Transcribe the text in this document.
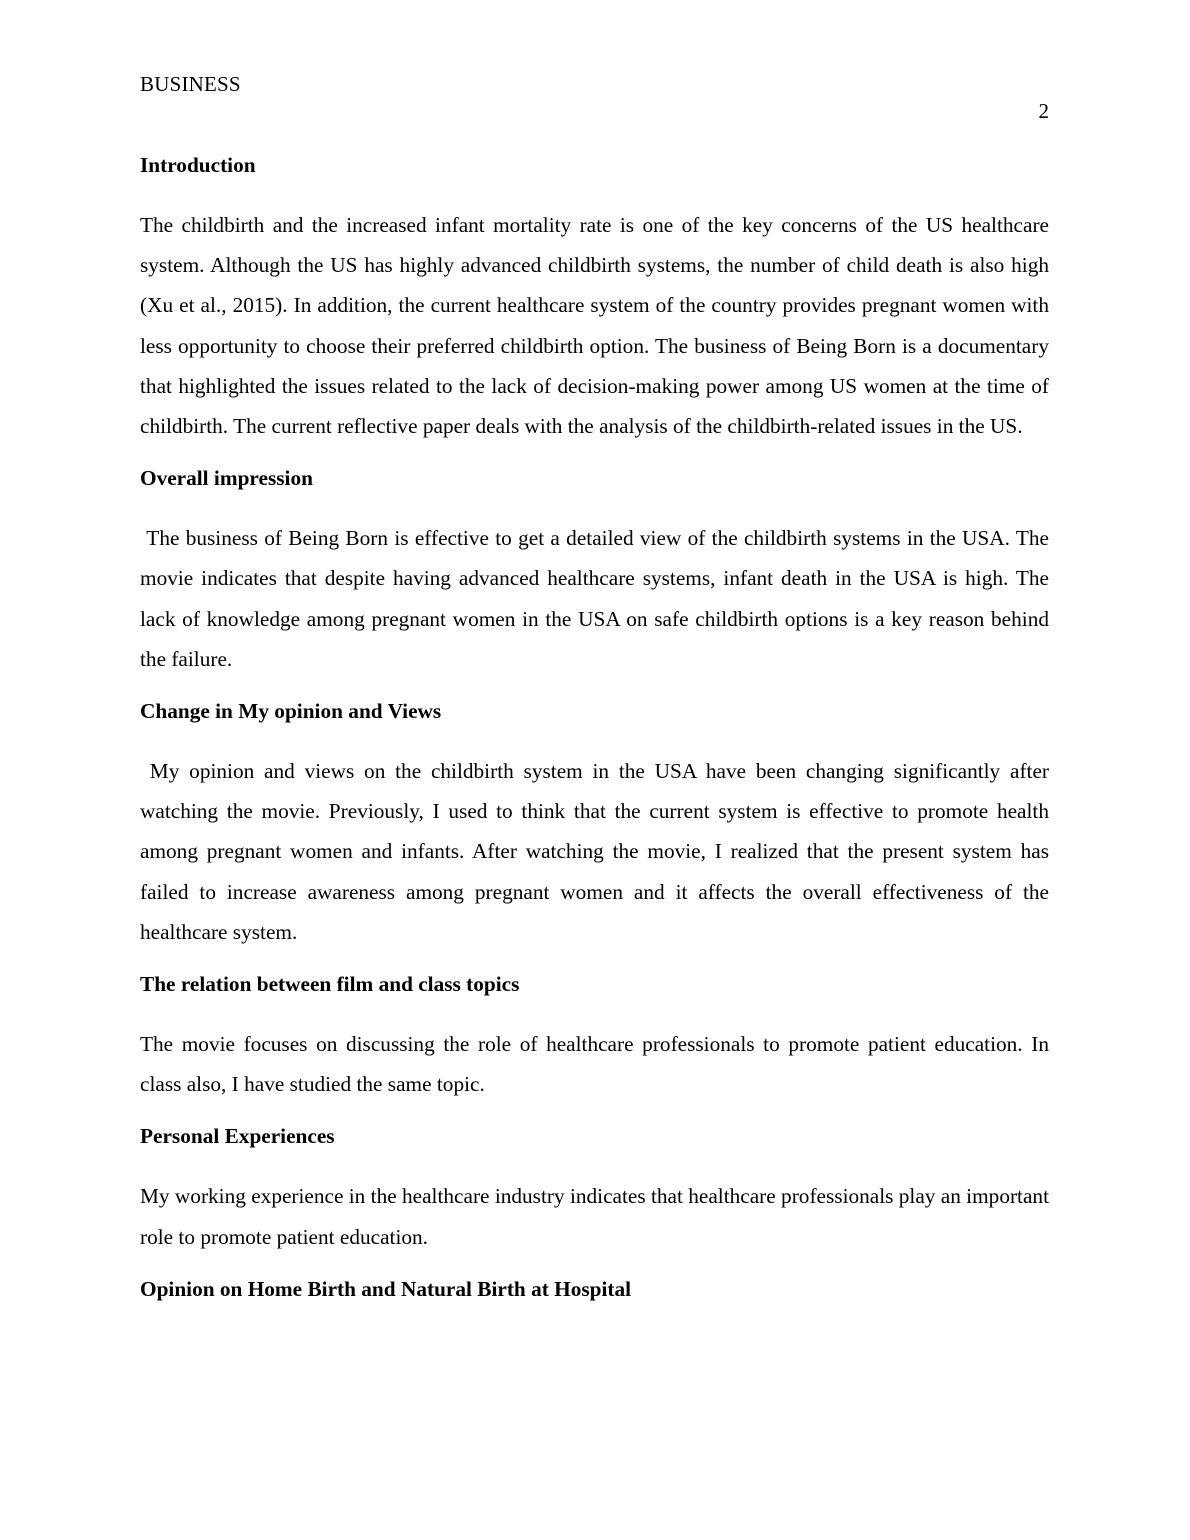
BUSINESS
2

Introduction

The childbirth and the increased infant mortality rate is one of the key concerns of the US healthcare system. Although the US has highly advanced childbirth systems, the number of child death is also high (Xu et al., 2015). In addition, the current healthcare system of the country provides pregnant women with less opportunity to choose their preferred childbirth option. The business of Being Born is a documentary that highlighted the issues related to the lack of decision-making power among US women at the time of childbirth. The current reflective paper deals with the analysis of the childbirth-related issues in the US.

Overall impression

The business of Being Born is effective to get a detailed view of the childbirth systems in the USA. The movie indicates that despite having advanced healthcare systems, infant death in the USA is high. The lack of knowledge among pregnant women in the USA on safe childbirth options is a key reason behind the failure.

Change in My opinion and Views

My opinion and views on the childbirth system in the USA have been changing significantly after watching the movie. Previously, I used to think that the current system is effective to promote health among pregnant women and infants. After watching the movie, I realized that the present system has failed to increase awareness among pregnant women and it affects the overall effectiveness of the healthcare system.

The relation between film and class topics

The movie focuses on discussing the role of healthcare professionals to promote patient education. In class also, I have studied the same topic.

Personal Experiences

My working experience in the healthcare industry indicates that healthcare professionals play an important role to promote patient education.

Opinion on Home Birth and Natural Birth at Hospital
